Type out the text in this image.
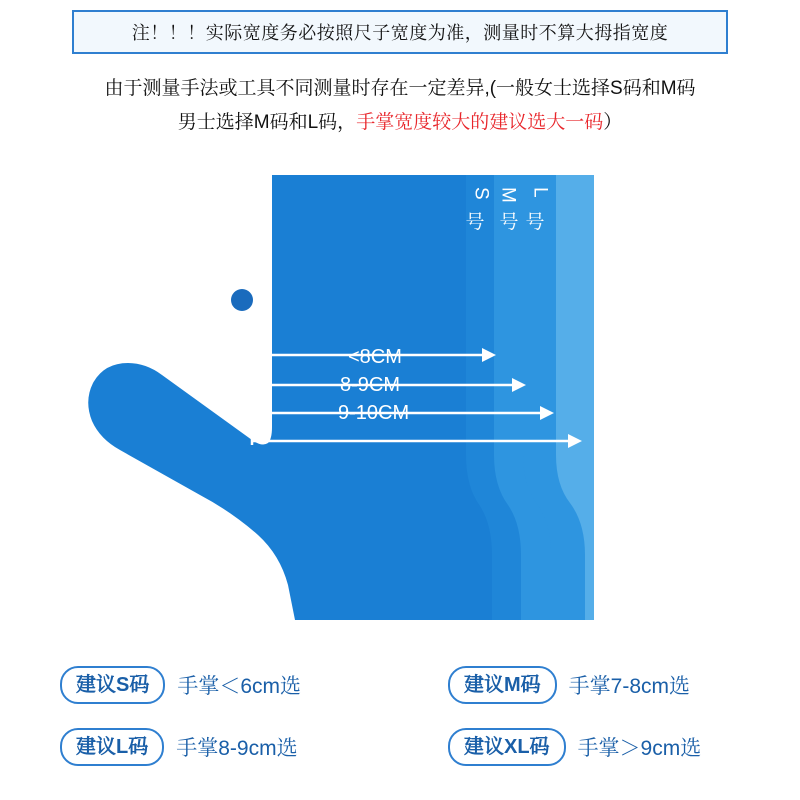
注！！！实际宽度务必按照尺子宽度为准，测量时不算大拇指宽度
由于测量手法或工具不同测量时存在一定差异,(一般女士选择S码和M码
男士选择M码和L码，手掌宽度较大的建议选大一码）
<8CM
8-9CM
9-10CM
S 号
M 号
L 号
建议S码	手掌＜6cm选	建议M码	手掌7-8cm选
建议L码	手掌8-9cm选	建议XL码	手掌＞9cm选
